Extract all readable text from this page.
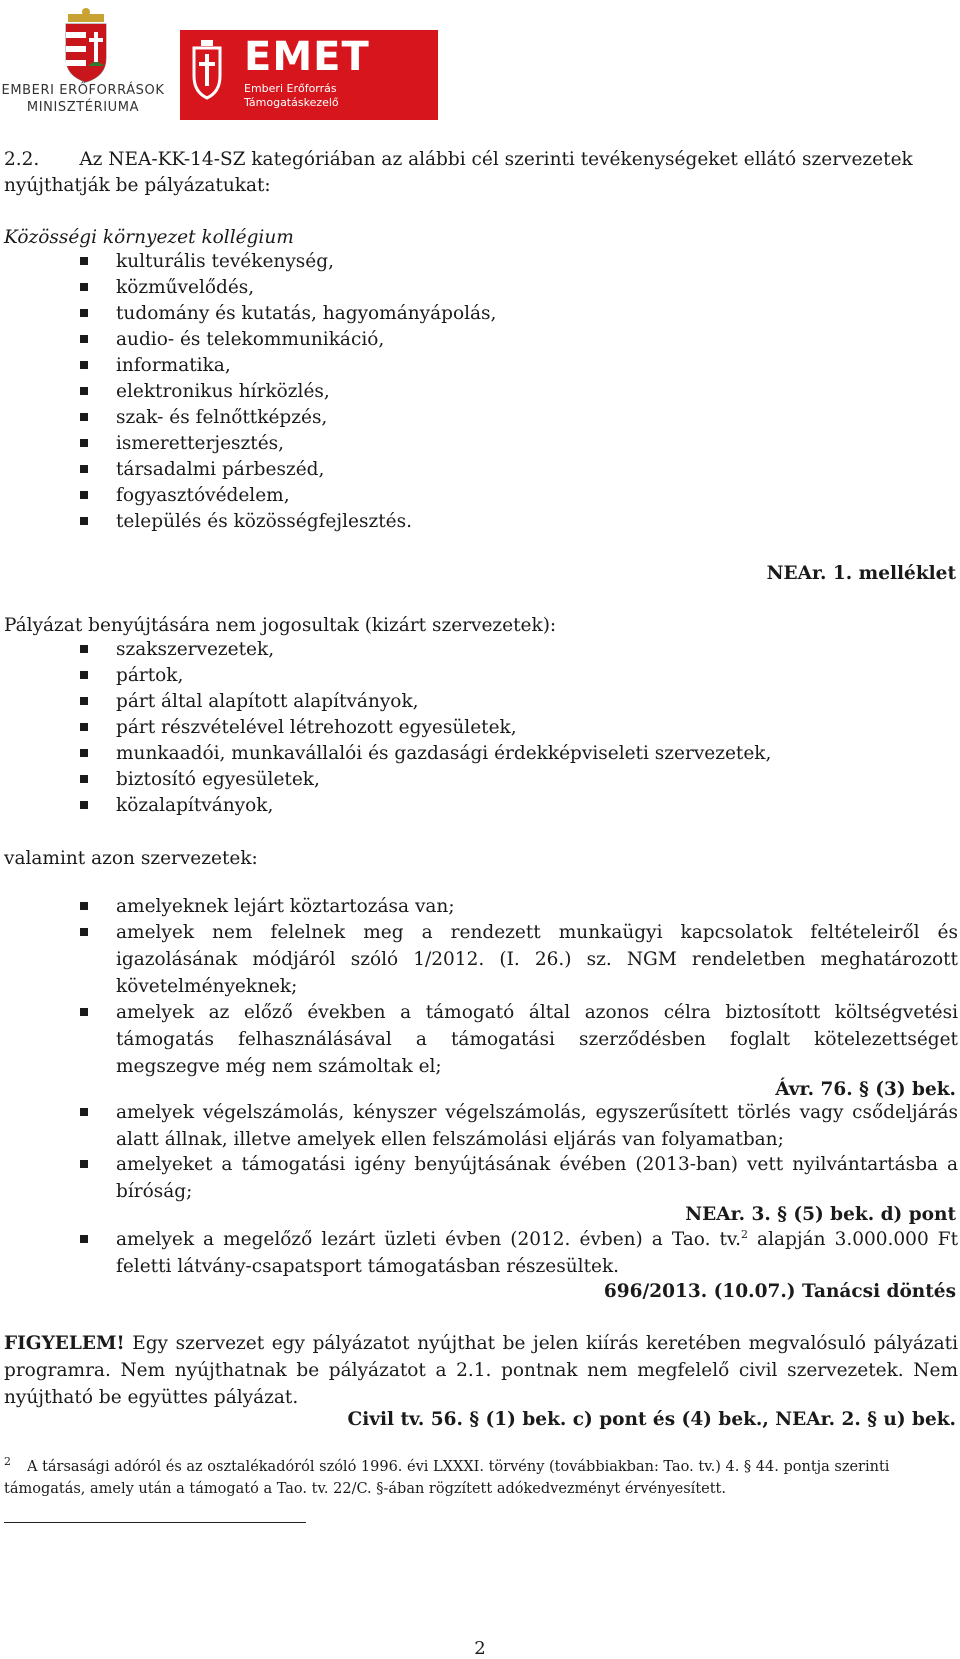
EMBERI ERŐFORRÁSOK
MINISZTÉRIUMA
EMET
Emberi Erőforrás
Támogatáskezelő
2.2. Az NEA-KK-14-SZ kategóriában az alábbi cél szerinti tevékenységeket ellátó szervezetek
nyújthatják be pályázatukat:
Közösségi környezet kollégium
kulturális tevékenység,
közművelődés,
tudomány és kutatás, hagyományápolás,
audio- és telekommunikáció,
informatika,
elektronikus hírközlés,
szak- és felnőttképzés,
ismeretterjesztés,
társadalmi párbeszéd,
fogyasztóvédelem,
település és közösségfejlesztés.
NEAr. 1. melléklet
Pályázat benyújtására nem jogosultak (kizárt szervezetek):
szakszervezetek,
pártok,
párt által alapított alapítványok,
párt részvételével létrehozott egyesületek,
munkaadói, munkavállalói és gazdasági érdekképviseleti szervezetek,
biztosító egyesületek,
közalapítványok,
valamint azon szervezetek:
amelyeknek lejárt köztartozása van;
amelyek nem felelnek meg a rendezett munkaügyi kapcsolatok feltételeiről és igazolásának módjáról szóló 1/2012. (I. 26.) sz. NGM rendeletben meghatározott követelményeknek;
amelyek az előző években a támogató által azonos célra biztosított költségvetési támogatás felhasználásával a támogatási szerződésben foglalt kötelezettséget megszegve még nem számoltak el;
Ávr. 76. § (3) bek.
amelyek végelszámolás, kényszer végelszámolás, egyszerűsített törlés vagy csődeljárás alatt állnak, illetve amelyek ellen felszámolási eljárás van folyamatban;
amelyeket a támogatási igény benyújtásának évében (2013-ban) vett nyilvántartásba a bíróság;
NEAr. 3. § (5) bek. d) pont
amelyek a megelőző lezárt üzleti évben (2012. évben) a Tao. tv.$^2$ alapján 3.000.000 Ft feletti látvány-csapatsport támogatásban részesültek.
696/2013. (10.07.) Tanácsi döntés
FIGYELEM! Egy szervezet egy pályázatot nyújthat be jelen kiírás keretében megvalósuló pályázati programra. Nem nyújthatnak be pályázatot a 2.1. pontnak nem megfelelő civil szervezetek. Nem nyújtható be együttes pályázat.
Civil tv. 56. § (1) bek. c) pont és (4) bek., NEAr. 2. § u) bek.
$^2$ A társasági adóról és az osztalékadóról szóló 1996. évi LXXXI. törvény (továbbiakban: Tao. tv.) 4. § 44. pontja szerinti támogatás, amely után a támogató a Tao. tv. 22/C. §-ában rögzített adókedvezményt érvényesített.
2
